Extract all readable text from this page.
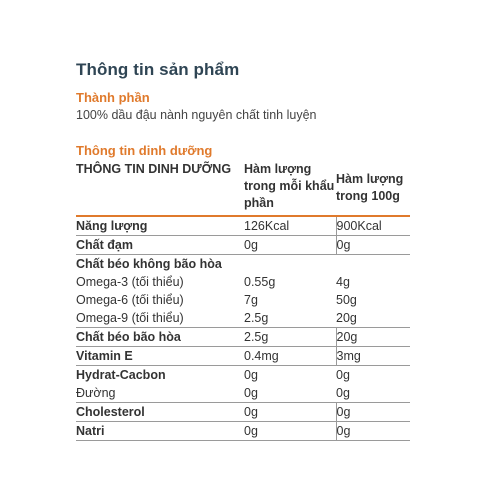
Thông tin sản phẩm
Thành phần
100% dầu đậu nành nguyên chất tinh luyện
Thông tin dinh dưỡng
THÔNG TIN DINH DƯỠNG	Hàm lượng trong mỗi khẩu phần	Hàm lượng trong 100g
Năng lượng	126Kcal	900Kcal
Chất đạm	0g	0g
Chất béo không bão hòa		
Omega-3 (tối thiểu)	0.55g	4g
Omega-6 (tối thiểu)	7g	50g
Omega-9 (tối thiểu)	2.5g	20g
Chất béo bão hòa	2.5g	20g
Vitamin E	0.4mg	3mg
Hydrat-Cacbon	0g	0g
Đường	0g	0g
Cholesterol	0g	0g
Natri	0g	0g
